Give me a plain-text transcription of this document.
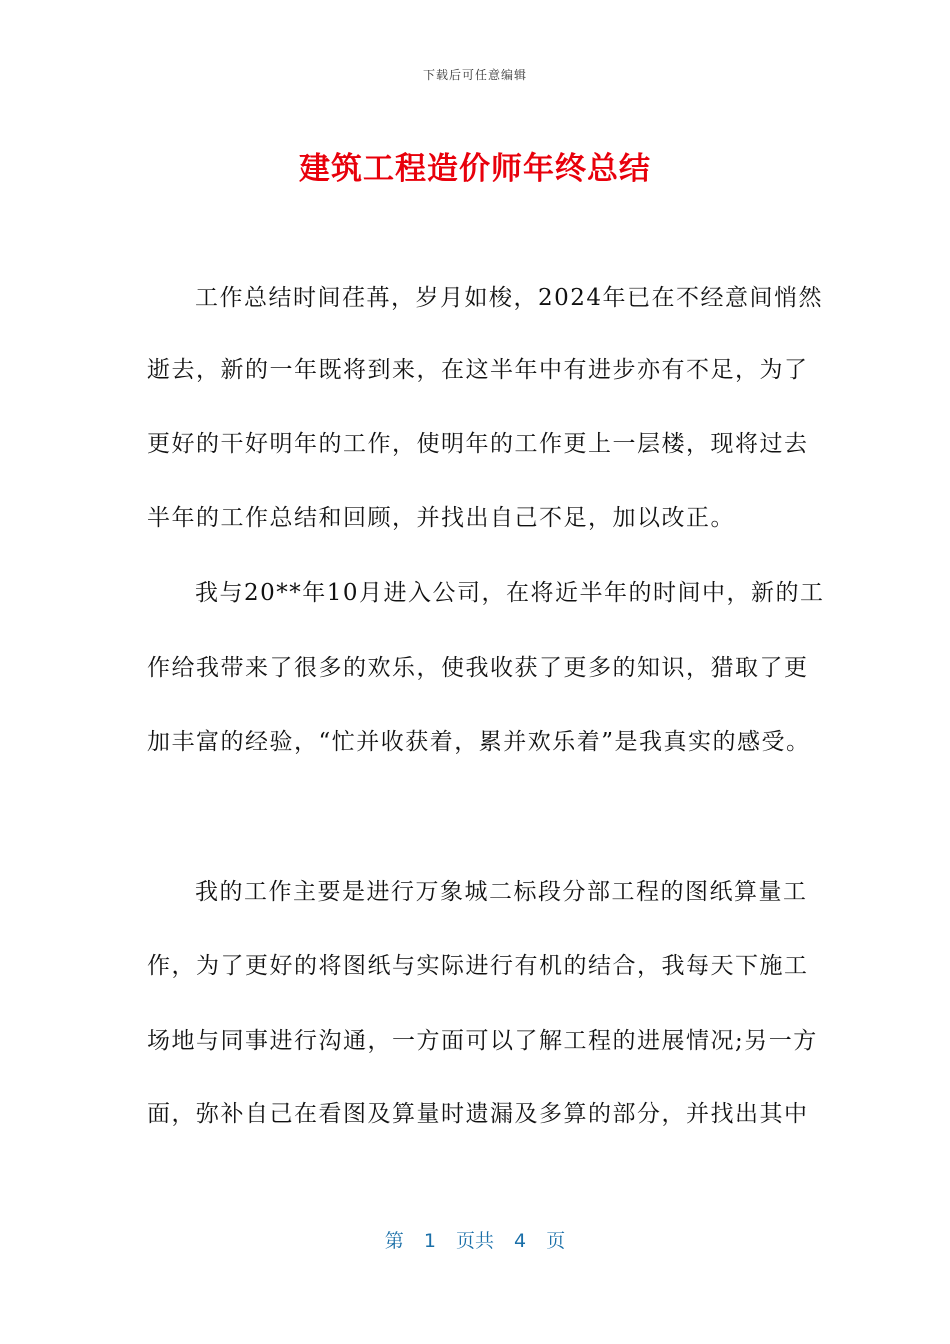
下载后可任意编辑
建筑工程造价师年终总结
工作总结时间荏苒，岁月如梭，2024年已在不经意间悄然
逝去，新的一年既将到来，在这半年中有进步亦有不足，为了
更好的干好明年的工作，使明年的工作更上一层楼，现将过去
半年的工作总结和回顾，并找出自己不足，加以改正。
我与20**年10月进入公司，在将近半年的时间中，新的工
作给我带来了很多的欢乐，使我收获了更多的知识，猎取了更
加丰富的经验，“忙并收获着，累并欢乐着”是我真实的感受。
我的工作主要是进行万象城二标段分部工程的图纸算量工
作，为了更好的将图纸与实际进行有机的结合，我每天下施工
场地与同事进行沟通，一方面可以了解工程的进展情况;另一方
面，弥补自己在看图及算量时遗漏及多算的部分，并找出其中
第 1 页共 4 页
